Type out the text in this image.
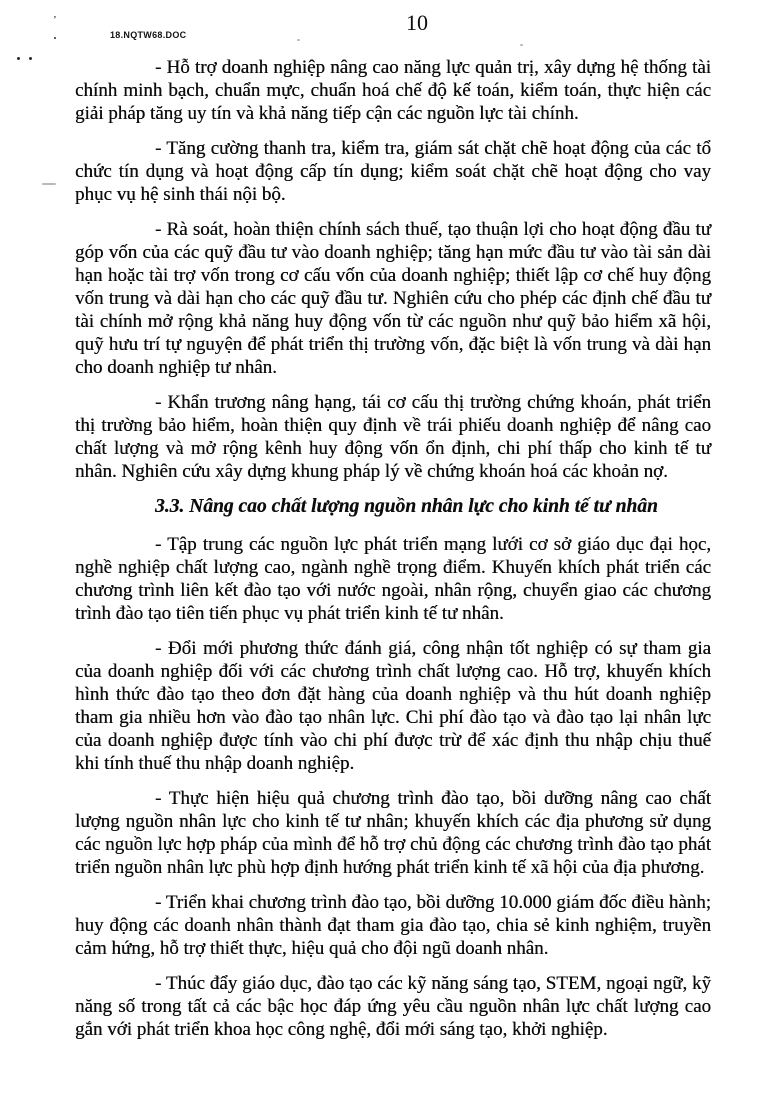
’
18.NQTW68.DOC	10

- Hỗ trợ doanh nghiệp nâng cao năng lực quản trị, xây dựng hệ thống tài chính minh bạch, chuẩn mực, chuẩn hoá chế độ kế toán, kiểm toán, thực hiện các giải pháp tăng uy tín và khả năng tiếp cận các nguồn lực tài chính.

- Tăng cường thanh tra, kiểm tra, giám sát chặt chẽ hoạt động của các tổ chức tín dụng và hoạt động cấp tín dụng; kiểm soát chặt chẽ hoạt động cho vay phục vụ hệ sinh thái nội bộ.

- Rà soát, hoàn thiện chính sách thuế, tạo thuận lợi cho hoạt động đầu tư góp vốn của các quỹ đầu tư vào doanh nghiệp; tăng hạn mức đầu tư vào tài sản dài hạn hoặc tài trợ vốn trong cơ cấu vốn của doanh nghiệp; thiết lập cơ chế huy động vốn trung và dài hạn cho các quỹ đầu tư. Nghiên cứu cho phép các định chế đầu tư tài chính mở rộng khả năng huy động vốn từ các nguồn như quỹ bảo hiểm xã hội, quỹ hưu trí tự nguyện để phát triển thị trường vốn, đặc biệt là vốn trung và dài hạn cho doanh nghiệp tư nhân.

- Khẩn trương nâng hạng, tái cơ cấu thị trường chứng khoán, phát triển thị trường bảo hiểm, hoàn thiện quy định về trái phiếu doanh nghiệp để nâng cao chất lượng và mở rộng kênh huy động vốn ổn định, chi phí thấp cho kinh tế tư nhân. Nghiên cứu xây dựng khung pháp lý về chứng khoán hoá các khoản nợ.

3.3. Nâng cao chất lượng nguồn nhân lực cho kinh tế tư nhân

- Tập trung các nguồn lực phát triển mạng lưới cơ sở giáo dục đại học, nghề nghiệp chất lượng cao, ngành nghề trọng điểm. Khuyến khích phát triển các chương trình liên kết đào tạo với nước ngoài, nhân rộng, chuyển giao các chương trình đào tạo tiên tiến phục vụ phát triển kinh tế tư nhân.

- Đổi mới phương thức đánh giá, công nhận tốt nghiệp có sự tham gia của doanh nghiệp đối với các chương trình chất lượng cao. Hỗ trợ, khuyến khích hình thức đào tạo theo đơn đặt hàng của doanh nghiệp và thu hút doanh nghiệp tham gia nhiều hơn vào đào tạo nhân lực. Chi phí đào tạo và đào tạo lại nhân lực của doanh nghiệp được tính vào chi phí được trừ để xác định thu nhập chịu thuế khi tính thuế thu nhập doanh nghiệp.

- Thực hiện hiệu quả chương trình đào tạo, bồi dưỡng nâng cao chất lượng nguồn nhân lực cho kinh tế tư nhân; khuyến khích các địa phương sử dụng các nguồn lực hợp pháp của mình để hỗ trợ chủ động các chương trình đào tạo phát triển nguồn nhân lực phù hợp định hướng phát triển kinh tế xã hội của địa phương.

- Triển khai chương trình đào tạo, bồi dưỡng 10.000 giám đốc điều hành; huy động các doanh nhân thành đạt tham gia đào tạo, chia sẻ kinh nghiệm, truyền cảm hứng, hỗ trợ thiết thực, hiệu quả cho đội ngũ doanh nhân.

- Thúc đẩy giáo dục, đào tạo các kỹ năng sáng tạo, STEM, ngoại ngữ, kỹ năng số trong tất cả các bậc học đáp ứng yêu cầu nguồn nhân lực chất lượng cao gắn với phát triển khoa học công nghệ, đổi mới sáng tạo, khởi nghiệp.
